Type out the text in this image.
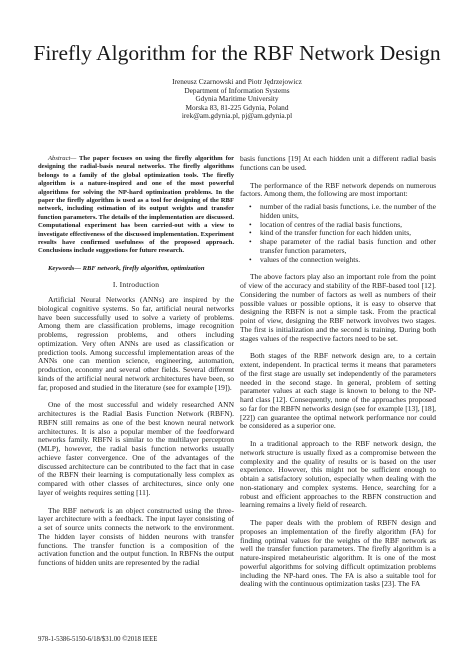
Firefly Algorithm for the RBF Network Design
Ireneusz Czarnowski and Piotr Jędrzejowicz
Department of Information Systems
Gdynia Maritime University
Morska 83, 81-225 Gdynia, Poland
irek@am.gdynia.pl, pj@am.gdynia.pl

Abstract— The paper focuses on using the firefly algorithm for designing the radial-basis neural networks. The firefly algorithms belongs to a family of the global optimization tools. The firefly algorithm is a nature-inspired and one of the most powerful algorithms for solving the NP-hard optimization problems. In the paper the firefly algorithm is used as a tool for designing of the RBF network, including estimation of its output weights and transfer function parameters. The details of the implementation are discussed. Computational experiment has been carried-out with a view to investigate effectiveness of the discussed implementation. Experiment results have confirmed usefulness of the proposed approach. Conclusions include suggestions for future research.

Keywords— RBF network, firefly algorithm, optimization

I. Introduction

Artificial Neural Networks (ANNs) are inspired by the biological cognitive systems. So far, artificial neural networks have been successfully used to solve a variety of problems. Among them are classification problems, image recognition problems, regression problems, and others including optimization. Very often ANNs are used as classification or prediction tools. Among successful implementation areas of the ANNs one can mention science, engineering, automation, production, economy and several other fields. Several different kinds of the artificial neural network architectures have been, so far, proposed and studied in the literature (see for example [19]).

One of the most successful and widely researched ANN architectures is the Radial Basis Function Network (RBFN). RBFN still remains as one of the best known neural network architectures. It is also a popular member of the feedforward networks family. RBFN is similar to the multilayer perceptron (MLP), however, the radial basis function networks usually achieve faster convergence. One of the advantages of the discussed architecture can be contributed to the fact that in case of the RBFN their learning is computationally less complex as compared with other classes of architectures, since only one layer of weights requires setting [11].

The RBF network is an object constructed using the three-layer architecture with a feedback. The input layer consisting of a set of source units connects the network to the environment. The hidden layer consists of hidden neurons with transfer functions. The transfer function is a composition of the activation function and the output function. In RBFNs the output functions of hidden units are represented by the radial

basis functions [19] At each hidden unit a different radial basis functions can be used.

The performance of the RBF network depends on numerous factors. Among them, the following are most important:

• number of the radial basis functions, i.e. the number of the hidden units,
• location of centres of the radial basis functions,
• kind of the transfer function for each hidden units,
• shape parameter of the radial basis function and other transfer function parameters,
• values of the connection weights.

The above factors play also an important role from the point of view of the accuracy and stability of the RBF-based tool [12]. Considering the number of factors as well as numbers of their possible values or possible options, it is easy to observe that designing the RBFN is not a simple task. From the practical point of view, designing the RBF network involves two stages. The first is initialization and the second is training. During both stages values of the respective factors need to be set.

Both stages of the RBF network design are, to a certain extent, independent. In practical terms it means that parameters of the first stage are usually set independently of the parameters needed in the second stage. In general, problem of setting parameter values at each stage is known to belong to the NP-hard class [12]. Consequently, none of the approaches proposed so far for the RBFN networks design (see for example [13], [18], [22]) can guarantee the optimal network performance nor could be considered as a superior one.

In a traditional approach to the RBF network design, the network structure is usually fixed as a compromise between the complexity and the quality of results or is based on the user experience. However, this might not be sufficient enough to obtain a satisfactory solution, especially when dealing with the non-stationary and complex systems. Hence, searching for a robust and efficient approaches to the RBFN construction and learning remains a lively field of research.

The paper deals with the problem of RBFN design and proposes an implementation of the firefly algorithm (FA) for finding optimal values for the weights of the RBF network as well the transfer function parameters. The firefly algorithm is a nature-inspired metaheuristic algorithm. It is one of the most powerful algorithms for solving difficult optimization problems including the NP-hard ones. The FA is also a suitable tool for dealing with the continuous optimization tasks [23]. The FA

978-1-5386-5150-6/18/$31.00 ©2018 IEEE
